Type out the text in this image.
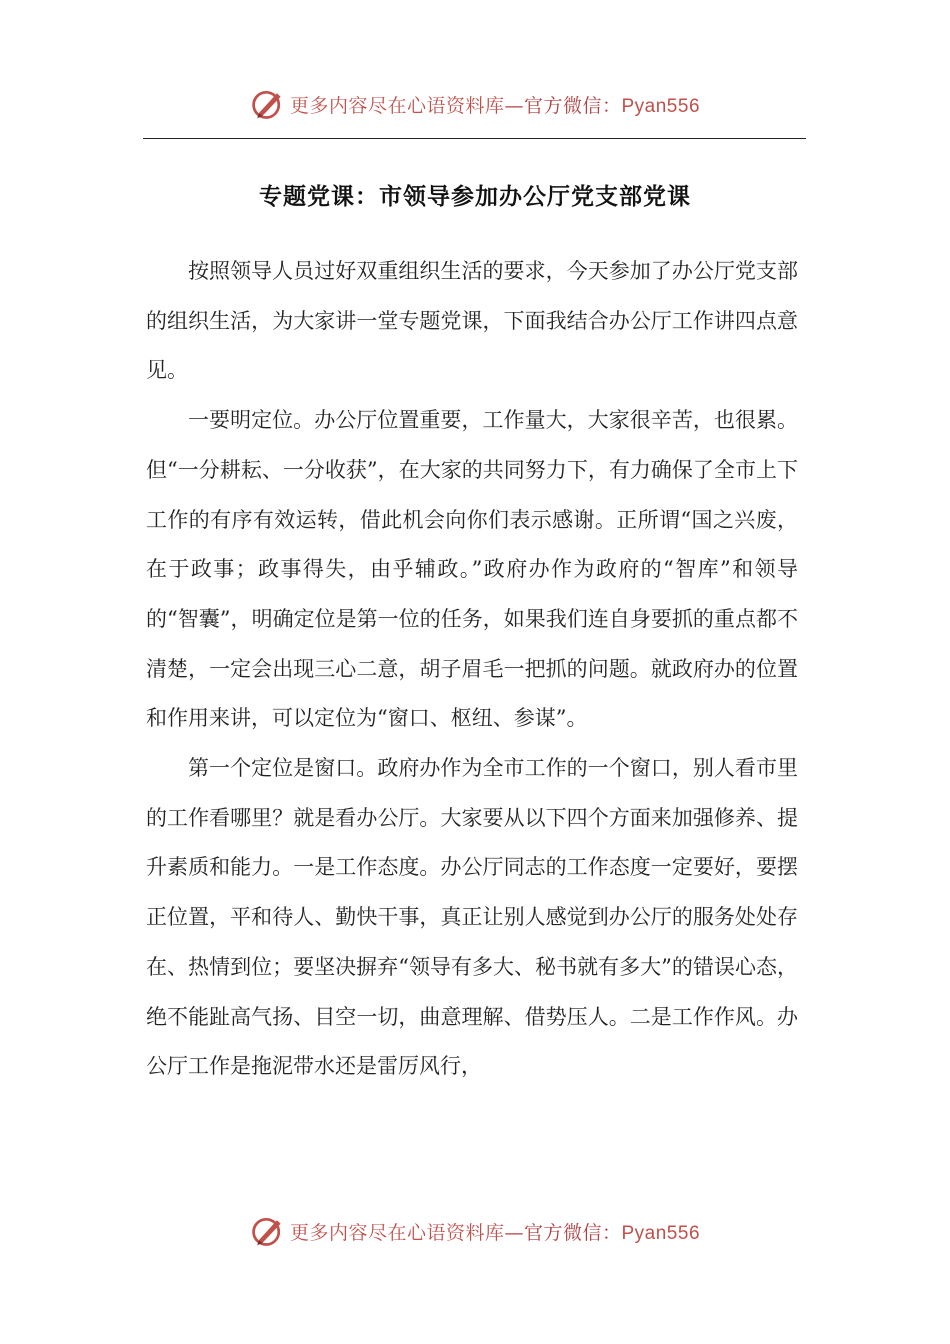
更多内容尽在心语资料库—官方微信：Pyan556
专题党课：市领导参加办公厅党支部党课

按照领导人员过好双重组织生活的要求，今天参加了办公厅党支部的组织生活，为大家讲一堂专题党课，下面我结合办公厅工作讲四点意见。

一要明定位。办公厅位置重要，工作量大，大家很辛苦，也很累。但“一分耕耘、一分收获”，在大家的共同努力下，有力确保了全市上下工作的有序有效运转，借此机会向你们表示感谢。正所谓“国之兴废，在于政事；政事得失，由乎辅政。”政府办作为政府的“智库”和领导的“智囊”，明确定位是第一位的任务，如果我们连自身要抓的重点都不清楚，一定会出现三心二意，胡子眉毛一把抓的问题。就政府办的位置和作用来讲，可以定位为“窗口、枢纽、参谋”。

第一个定位是窗口。政府办作为全市工作的一个窗口，别人看市里的工作看哪里？就是看办公厅。大家要从以下四个方面来加强修养、提升素质和能力。一是工作态度。办公厅同志的工作态度一定要好，要摆正位置，平和待人、勤快干事，真正让别人感觉到办公厅的服务处处存在、热情到位；要坚决摒弃“领导有多大、秘书就有多大”的错误心态，绝不能趾高气扬、目空一切，曲意理解、借势压人。二是工作作风。办公厅工作是拖泥带水还是雷厉风行，

更多内容尽在心语资料库—官方微信：Pyan556
